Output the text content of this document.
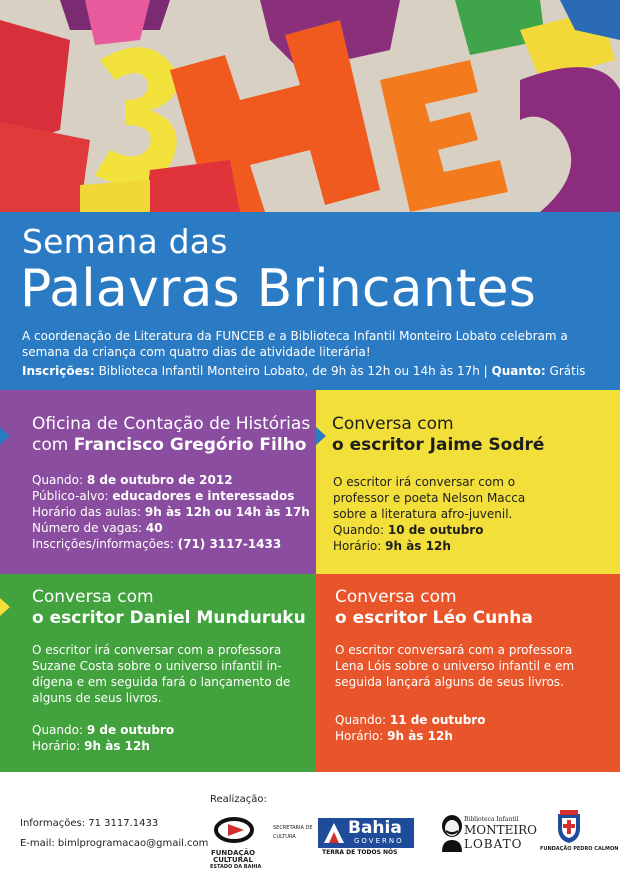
Semana das
Palavras Brincantes
A coordenação de Literatura da FUNCEB e a Biblioteca Infantil Monteiro Lobato celebram a semana da criança com quatro dias de atividade literária!
Inscrições: Biblioteca Infantil Monteiro Lobato, de 9h às 12h ou 14h às 17h | Quanto: Grátis
Oficina de Contação de Histórias
com Francisco Gregório Filho
Quando: 8 de outubro de 2012
Público-alvo: educadores e interessados
Horário das aulas: 9h às 12h ou 14h às 17h
Número de vagas: 40
Inscrições/informações: (71) 3117-1433
Conversa com
o escritor Jaime Sodré
O escritor irá conversar com o
professor e poeta Nelson Macca
sobre a literatura afro-juvenil.
Quando: 10 de outubro
Horário: 9h às 12h
Conversa com
o escritor Daniel Munduruku
O escritor irá conversar com a professora
Suzane Costa sobre o universo infantil in-
dígena e em seguida fará o lançamento de
alguns de seus livros.
Quando: 9 de outubro
Horário: 9h às 12h
Conversa com
o escritor Léo Cunha
O escritor conversará com a professora
Lena Lóis sobre o universo infantil e em
seguida lançará alguns de seus livros.
Quando: 11 de outubro
Horário: 9h às 12h
Realização:
Informações: 71 3117.1433
E-mail: bimlprogramacao@gmail.com
FUNDAÇÃO
CULTURAL
ESTADO DA BAHIA
SECRETARIA DE
CULTURA	Bahia
GOVERNO
TERRA DE TODOS NÓS
Biblioteca Infantil
MONTEIRO
LOBATO	FUNDAÇÃO PEDRO CALMON
